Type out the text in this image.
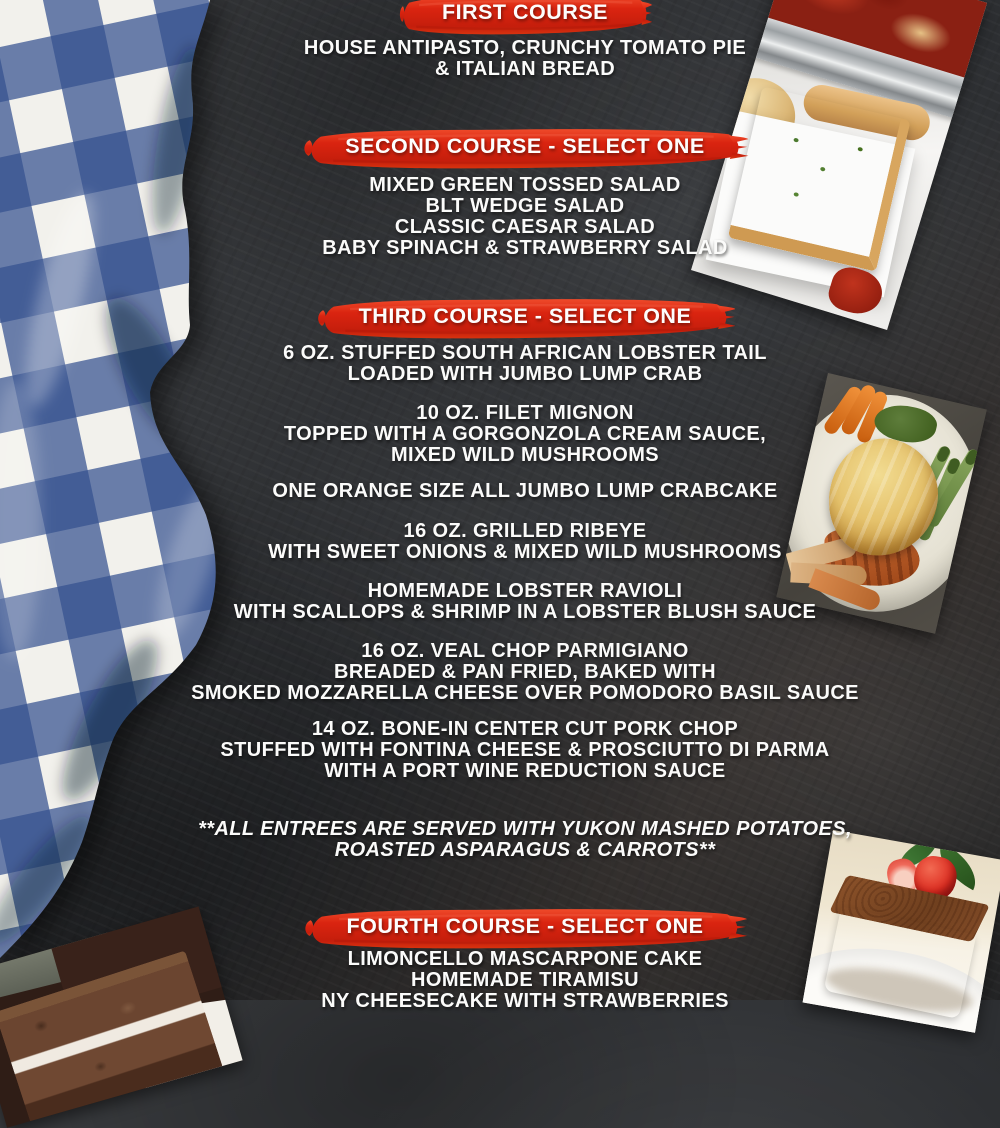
FIRST COURSE
HOUSE ANTIPASTO, CRUNCHY TOMATO PIE
& ITALIAN BREAD
SECOND COURSE - SELECT ONE
MIXED GREEN TOSSED SALAD
BLT WEDGE SALAD
CLASSIC CAESAR SALAD
BABY SPINACH & STRAWBERRY SALAD
THIRD COURSE - SELECT ONE
6 OZ. STUFFED SOUTH AFRICAN LOBSTER TAIL
LOADED WITH JUMBO LUMP CRAB
10 OZ. FILET MIGNON
TOPPED WITH A GORGONZOLA CREAM SAUCE,
MIXED WILD MUSHROOMS
ONE ORANGE SIZE ALL JUMBO LUMP CRABCAKE
16 OZ. GRILLED RIBEYE
WITH SWEET ONIONS & MIXED WILD MUSHROOMS
HOMEMADE LOBSTER RAVIOLI
WITH SCALLOPS & SHRIMP IN A LOBSTER BLUSH SAUCE
16 OZ. VEAL CHOP PARMIGIANO
BREADED & PAN FRIED, BAKED WITH
SMOKED MOZZARELLA CHEESE OVER POMODORO BASIL SAUCE
14 OZ. BONE-IN CENTER CUT PORK CHOP
STUFFED WITH FONTINA CHEESE & PROSCIUTTO DI PARMA
WITH A PORT WINE REDUCTION SAUCE
**ALL ENTREES ARE SERVED WITH YUKON MASHED POTATOES,
ROASTED ASPARAGUS & CARROTS**
FOURTH COURSE - SELECT ONE
LIMONCELLO MASCARPONE CAKE
HOMEMADE TIRAMISU
NY CHEESECAKE WITH STRAWBERRIES
